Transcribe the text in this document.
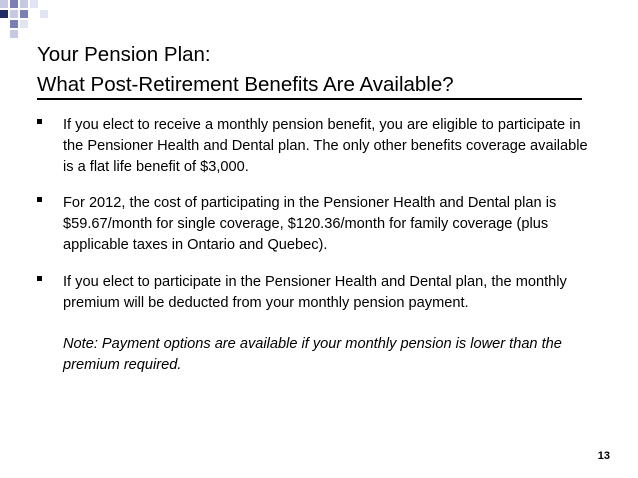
Your Pension Plan:
What Post-Retirement Benefits Are Available?
If you elect to receive a monthly pension benefit, you are eligible to participate in the Pensioner Health and Dental plan. The only other benefits coverage available is a flat life benefit of $3,000.
For 2012, the cost of participating in the Pensioner Health and Dental plan is $59.67/month for single coverage, $120.36/month for family coverage (plus applicable taxes in Ontario and Quebec).
If you elect to participate in the Pensioner Health and Dental plan, the monthly premium will be deducted from your monthly pension payment.
Note: Payment options are available if your monthly pension is lower than the premium required.
13
